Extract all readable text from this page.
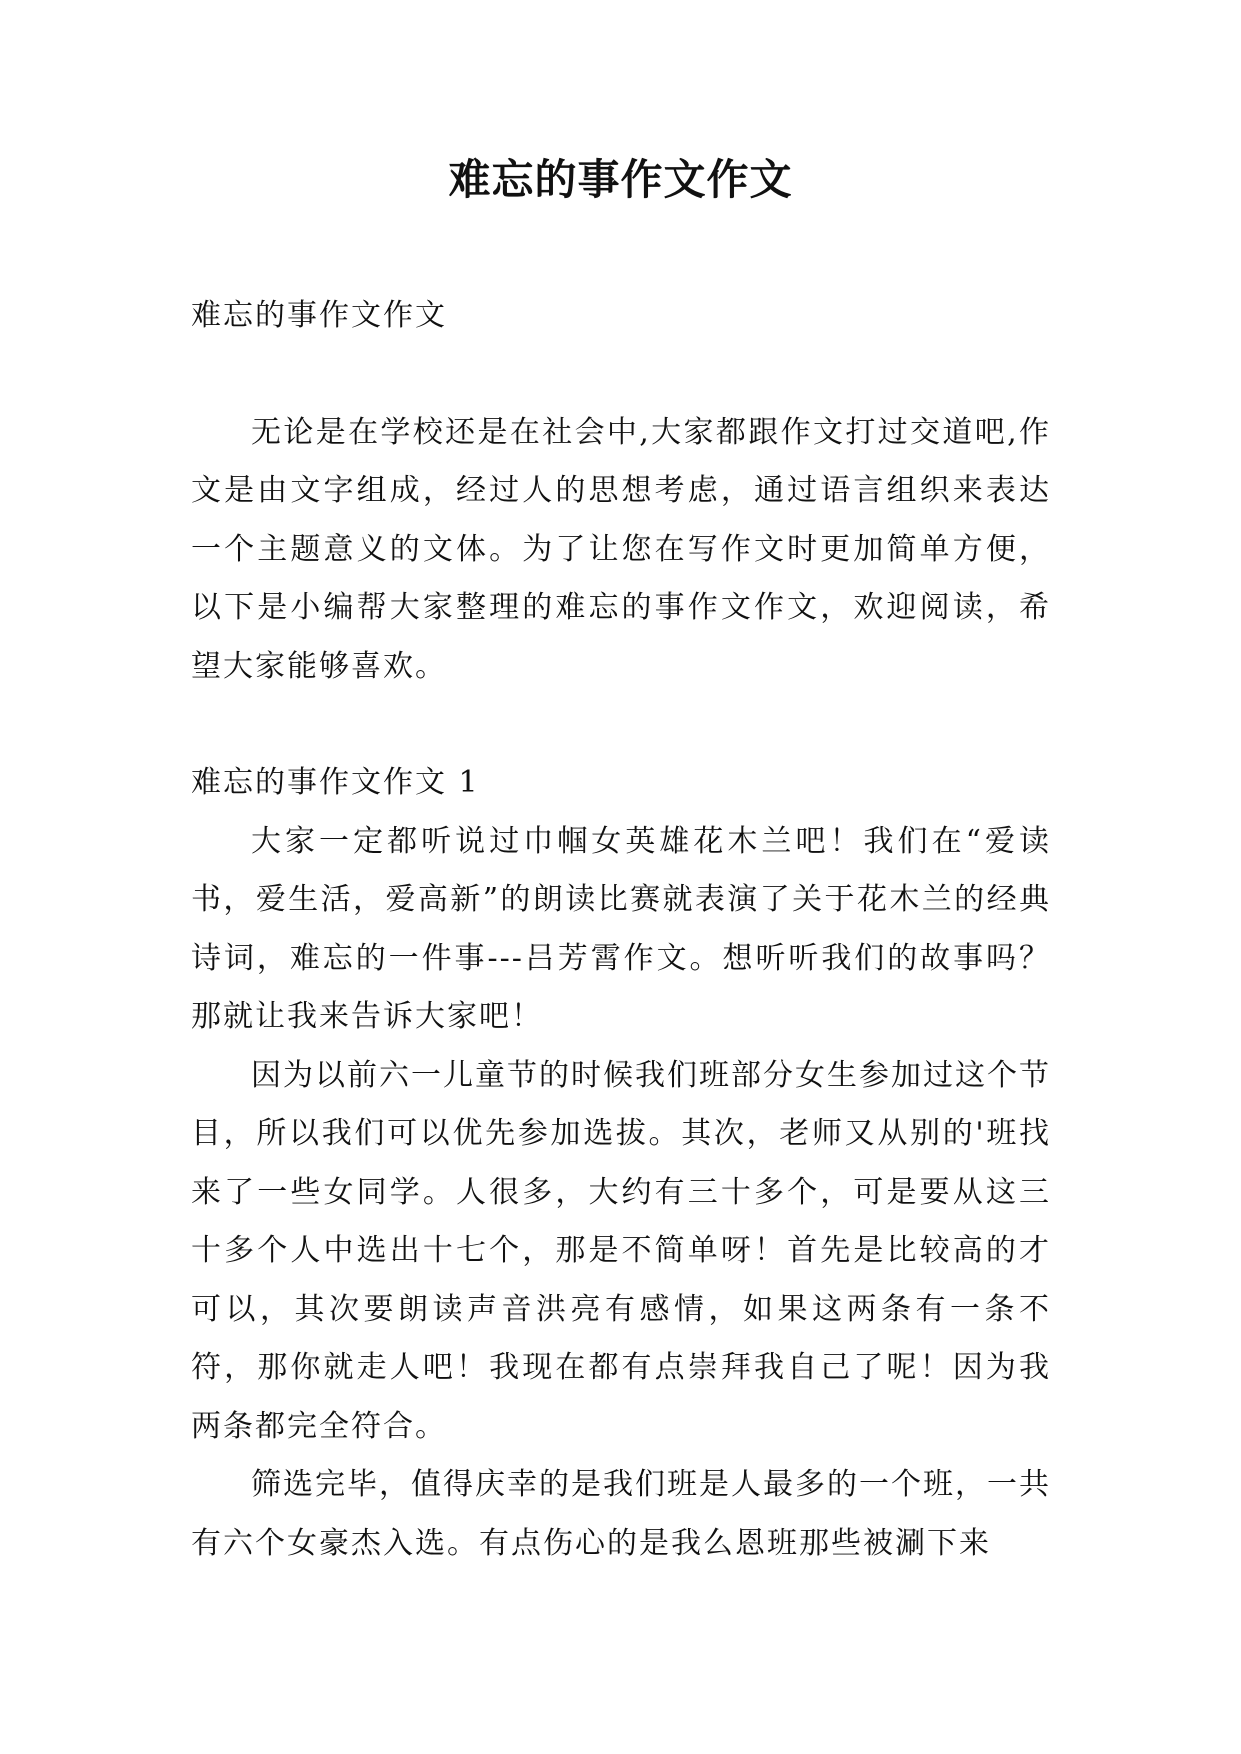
难忘的事作文作文

难忘的事作文作文

无论是在学校还是在社会中,大家都跟作文打过交道吧,作文是由文字组成，经过人的思想考虑，通过语言组织来表达一个主题意义的文体。为了让您在写作文时更加简单方便，以下是小编帮大家整理的难忘的事作文作文，欢迎阅读，希望大家能够喜欢。

难忘的事作文作文 1

大家一定都听说过巾帼女英雄花木兰吧！我们在“爱读书，爱生活，爱高新”的朗读比赛就表演了关于花木兰的经典诗词，难忘的一件事---吕芳霄作文。想听听我们的故事吗？那就让我来告诉大家吧！

因为以前六一儿童节的时候我们班部分女生参加过这个节目，所以我们可以优先参加选拔。其次，老师又从别的'班找来了一些女同学。人很多，大约有三十多个，可是要从这三十多个人中选出十七个，那是不简单呀！首先是比较高的才可以，其次要朗读声音洪亮有感情，如果这两条有一条不符，那你就走人吧！我现在都有点崇拜我自己了呢！因为我两条都完全符合。

筛选完毕，值得庆幸的是我们班是人最多的一个班，一共有六个女豪杰入选。有点伤心的是我么恩班那些被涮下来
